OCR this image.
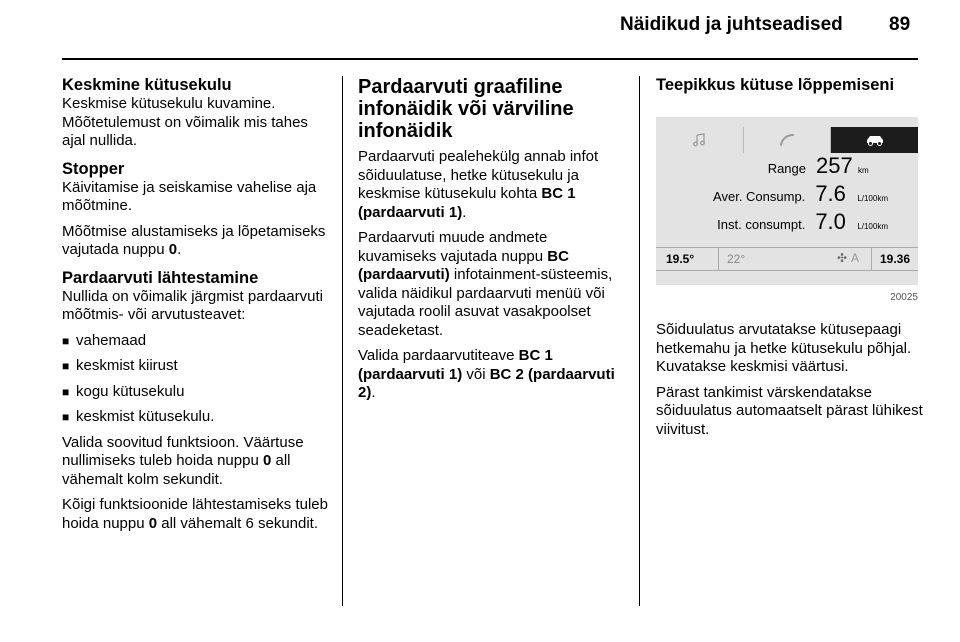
Näidikud ja juhtseadised 89
Keskmine kütusekulu

Keskmise kütusekulu kuvamine. Mõõtetulemust on võimalik mis tahes ajal nullida.

Stopper

Käivitamise ja seiskamise vahelise aja mõõtmine.

Mõõtmise alustamiseks ja lõpetamiseks vajutada nuppu 0.

Pardaarvuti lähtestamine

Nullida on võimalik järgmist pardaarvuti mõõtmis- või arvutusteavet:

■ vahemaad
■ keskmist kiirust
■ kogu kütusekulu
■ keskmist kütusekulu.

Valida soovitud funktsioon. Väärtuse nullimiseks tuleb hoida nuppu 0 all vähemalt kolm sekundit.

Kõigi funktsioonide lähtestamiseks tuleb hoida nuppu 0 all vähemalt 6 sekundit.

Pardaarvuti graafiline infonäidik või värviline infonäidik

Pardaarvuti pealehekülg annab infot sõiduulatuse, hetke kütusekulu ja keskmise kütusekulu kohta BC 1 (pardaarvuti 1).

Pardaarvuti muude andmete kuvamiseks vajutada nuppu BC (pardaarvuti) infotainment-süsteemis, valida näidikul pardaarvuti menüü või vajutada roolil asuvat vasakpoolset seadeketast.

Valida pardaarvutiteave BC 1 (pardaarvuti 1) või BC 2 (pardaarvuti 2).

Teepikkus kütuse lõppemiseni
Range 257 km
Aver. Consump. 7.6	L/100km
Inst. consumpt. 7.0	L/100km
19.5°	22°	✣ A	19.36
20025

Sõiduulatus arvutatakse kütusepaagi hetkemahu ja hetke kütusekulu põhjal. Kuvatakse keskmisi väärtusi.

Pärast tankimist värskendatakse sõiduulatus automaatselt pärast lühikest viivitust.
